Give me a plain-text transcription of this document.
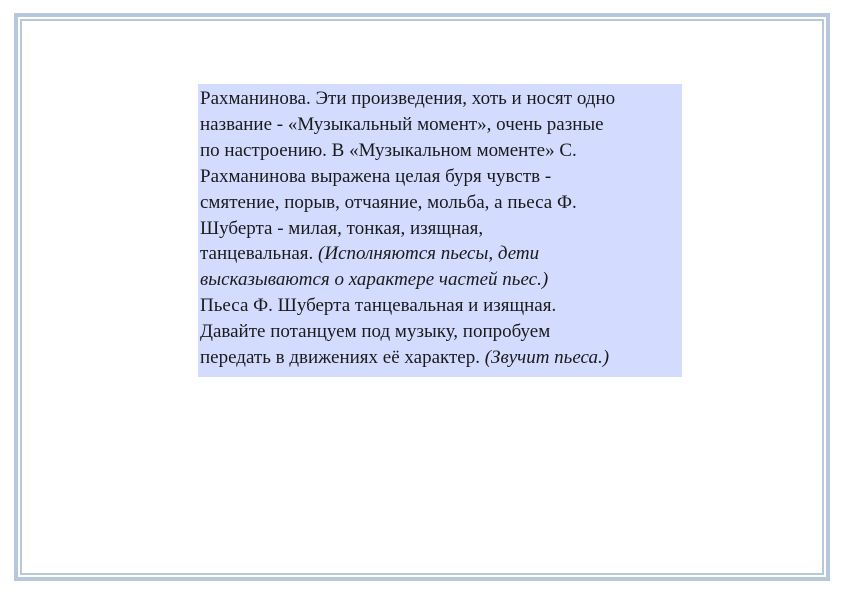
Рахманинова. Эти произведения, хоть и носят одно
название - «Музыкальный момент», очень разные
по настроению. В «Музыкальном моменте» С.
Рахманинова выражена целая буря чувств -
смятение, порыв, отчаяние, мольба, а пьеса Ф.
Шуберта - милая, тонкая, изящная,
танцевальная. (Исполняются пьесы, дети
высказываются о характере частей пьес.)
Пьеса Ф. Шуберта танцевальная и изящная.
Давайте потанцуем под музыку, попробуем
передать в движениях её характер. (Звучит пьеса.)
